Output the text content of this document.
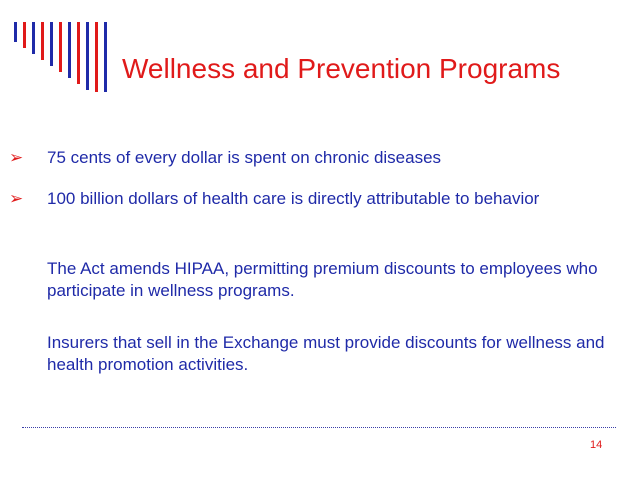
Wellness and Prevention Programs
➢ 75 cents of every dollar is spent on chronic diseases
➢ 100 billion dollars of health care is directly attributable to behavior
The Act amends HIPAA, permitting premium discounts to employees who participate in wellness programs.
Insurers that sell in the Exchange must provide discounts for wellness and health promotion activities.
14
